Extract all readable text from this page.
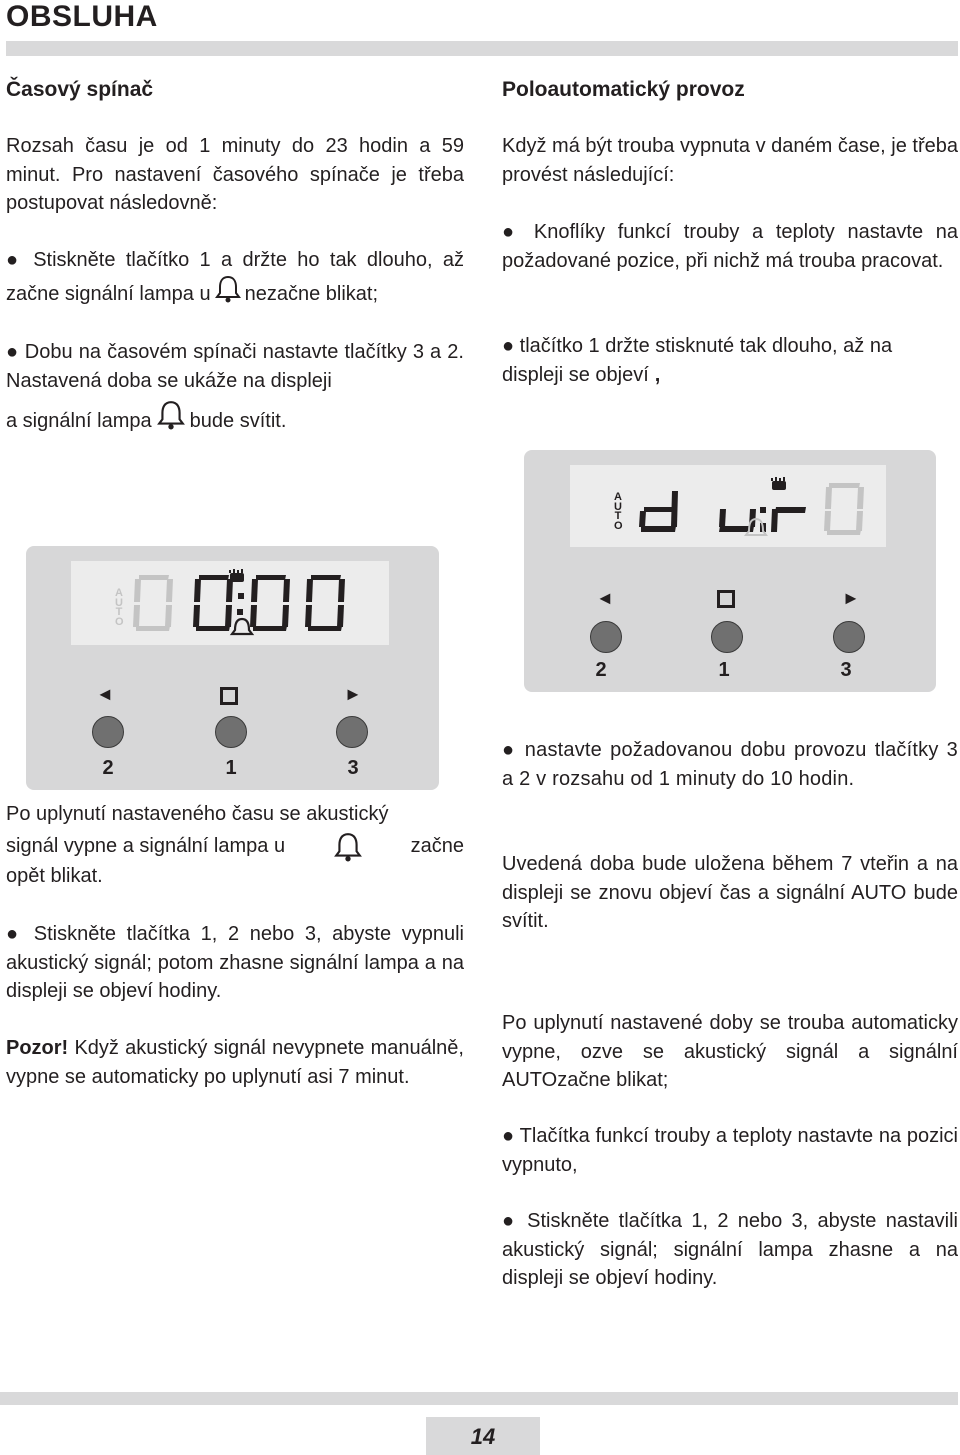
OBSLUHA
Časový spínač
Rozsah času je od 1 minuty do 23 hodin a 59 minut. Pro nastavení časového spínače je třeba postupovat následovně:
● Stiskněte tlačítko 1 a držte ho tak dlouho, až
začne signální lampa u nezačne blikat;
● Dobu na časovém spínači nastavte tlačítky 3 a 2. Nastavená doba se ukáže na displeji
a signální lampa bude svítit.
Poloautomatický provoz
Když má být trouba vypnuta v daném čase, je třeba provést následující:
● Knoflíky funkcí trouby a teploty nastavte na požadované pozice, při nichž má trouba pracovat.
● tlačítko 1 držte stisknuté tak dlouho, až na displeji se objeví ,
A
U
T
O
◄	►
2	1	3
A
U
T
O
◄	►
2	1	3
Po uplynutí nastaveného času se akustický
signál vypne a signální lampa u	začne
opět blikat.
● Stiskněte tlačítka 1, 2 nebo 3, abyste vypnuli akustický signál; potom zhasne signální lampa a na displeji se objeví hodiny.
Pozor! Když akustický signál nevypnete manuálně, vypne se automaticky po uplynutí asi 7 minut.
● nastavte požadovanou dobu provozu tlačítky 3 a 2 v rozsahu od 1 minuty do 10 hodin.
Uvedená doba bude uložena během 7 vteřin a na displeji se znovu objeví čas a signální AUTO bude svítit.
Po uplynutí nastavené doby se trouba automaticky vypne, ozve se akustický signál a signální AUTOzačne blikat;
● Tlačítka funkcí trouby a teploty nastavte na pozici vypnuto,
● Stiskněte tlačítka 1, 2 nebo 3, abyste nastavili akustický signál; signální lampa zhasne a na displeji se objeví hodiny.
14
